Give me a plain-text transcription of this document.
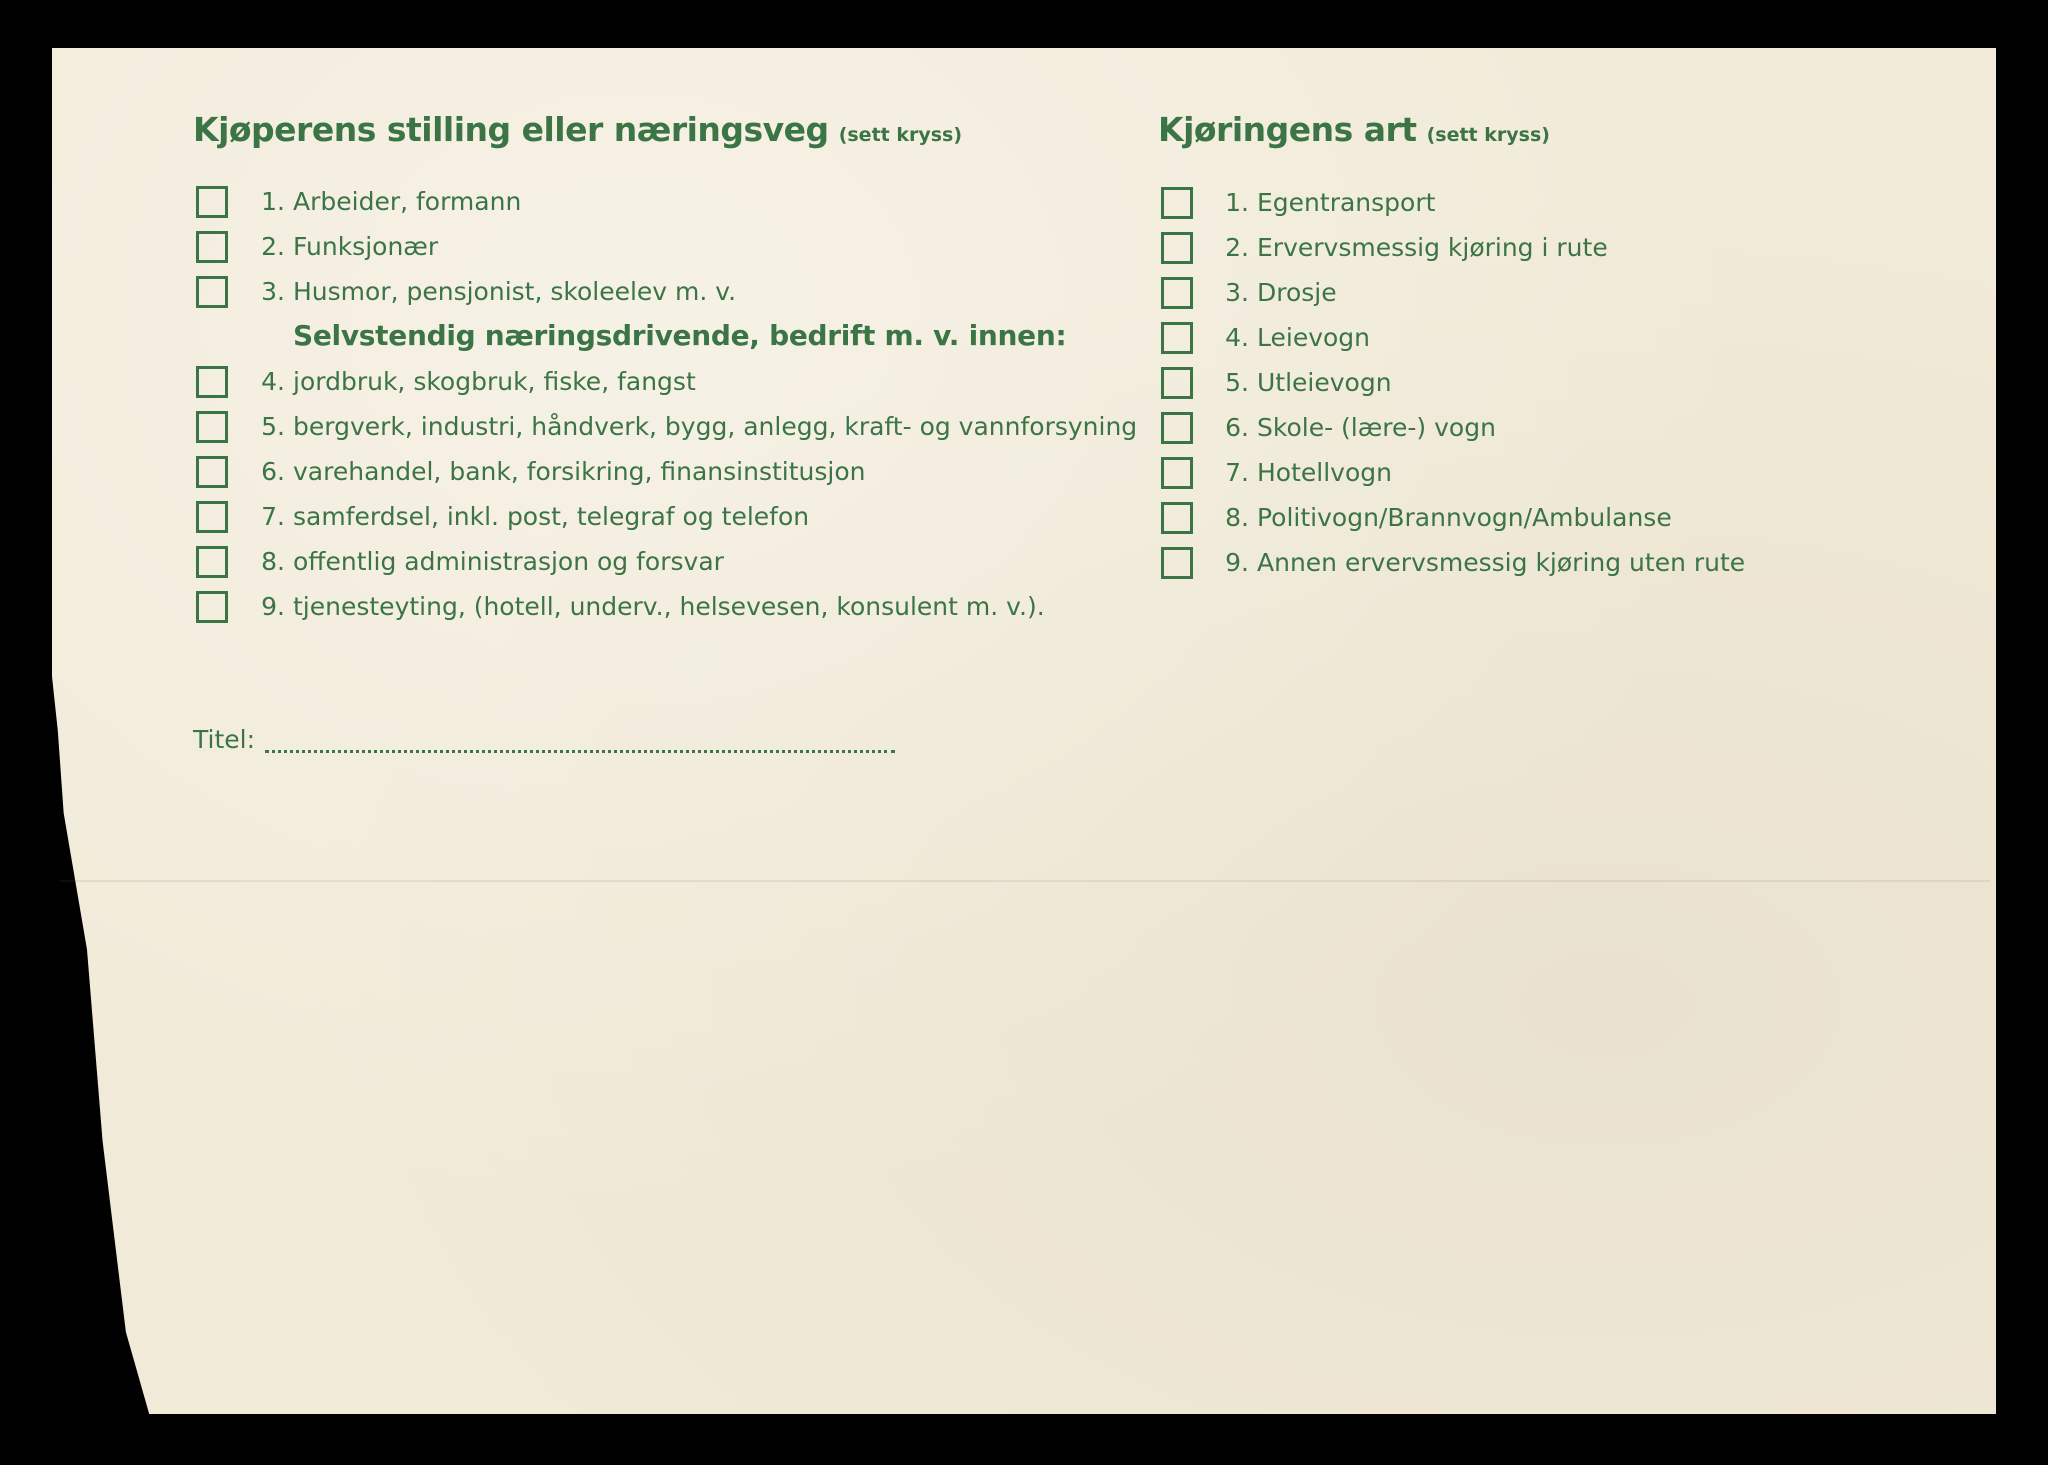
Kjøperens stilling eller næringsveg (sett kryss)
1. Arbeider, formann
2. Funksjonær
3. Husmor, pensjonist, skoleelev m. v.
Selvstendig næringsdrivende, bedrift m. v. innen:
4. jordbruk, skogbruk, fiske, fangst
5. bergverk, industri, håndverk, bygg, anlegg, kraft- og vannforsyning
6. varehandel, bank, forsikring, finansinstitusjon
7. samferdsel, inkl. post, telegraf og telefon
8. offentlig administrasjon og forsvar
9. tjenesteyting, (hotell, underv., helsevesen, konsulent m. v.).
Titel:
Kjøringens art (sett kryss)
1. Egentransport
2. Ervervsmessig kjøring i rute
3. Drosje
4. Leievogn
5. Utleievogn
6. Skole- (lære-) vogn
7. Hotellvogn
8. Politivogn/Brannvogn/Ambulanse
9. Annen ervervsmessig kjøring uten rute
